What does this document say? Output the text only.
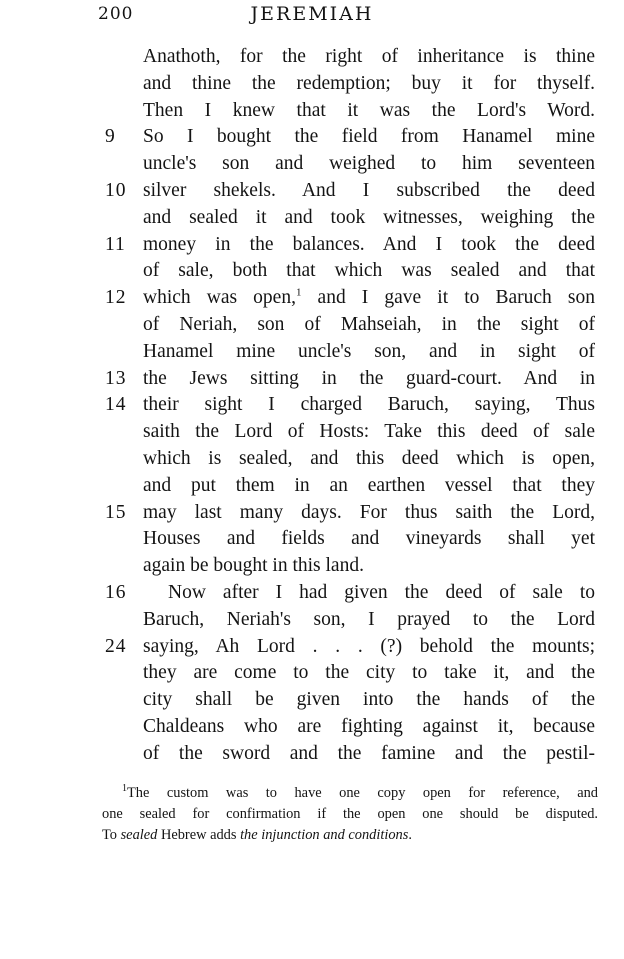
200	JEREMIAH
Anathoth, for the right of inheritance is thine
and thine the redemption; buy it for thyself.
Then I knew that it was the Lord's Word.
9	So I bought the field from Hanamel mine
uncle's son and weighed to him seventeen
10 silver shekels. And I subscribed the deed
and sealed it and took witnesses, weighing the
11 money in the balances. And I took the deed
of sale, both that which was sealed and that
12 which was open,$^1$ and I gave it to Baruch son
of Neriah, son of Mahseiah, in the sight of
Hanamel mine uncle's son, and in sight of
13 the Jews sitting in the guard-court. And in
14 their sight I charged Baruch, saying, Thus
saith the Lord of Hosts: Take this deed of sale
which is sealed, and this deed which is open,
and put them in an earthen vessel that they
15 may last many days. For thus saith the Lord,
Houses and fields and vineyards shall yet
again be bought in this land.
16	Now after I had given the deed of sale to
Baruch, Neriah's son, I prayed to the Lord
24 saying, Ah Lord . . . (?) behold the mounts;
they are come to the city to take it, and the
city shall be given into the hands of the
Chaldeans who are fighting against it, because
of the sword and the famine and the pestil-
$^1$The custom was to have one copy open for reference, and
one sealed for confirmation if the open one should be disputed.
To sealed Hebrew adds the injunction and conditions.
